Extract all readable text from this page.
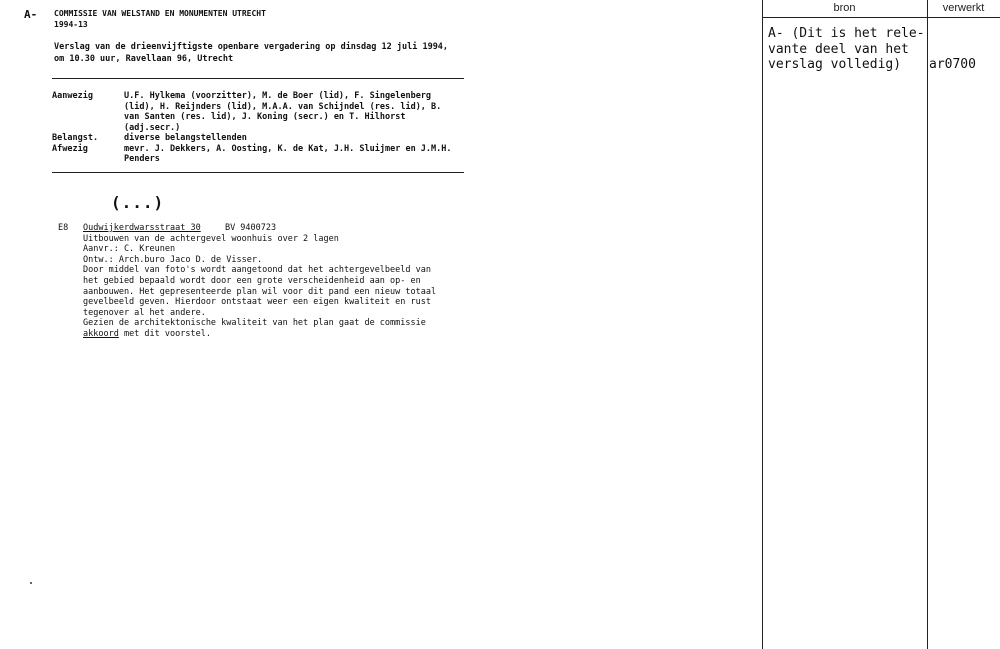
A- COMMISSIE VAN WELSTAND EN MONUMENTEN UTRECHT
1994-13
Verslag van de drieenvijftigste openbare vergadering op dinsdag 12 juli 1994,
om 10.30 uur, Ravellaan 96, Utrecht
Aanwezig	U.F. Hylkema (voorzitter), M. de Boer (lid), F. Singelenberg
(lid), H. Reijnders (lid), M.A.A. van Schijndel (res. lid), B.
van Santen (res. lid), J. Koning (secr.) en T. Hilhorst
(adj.secr.)
Belangst.	diverse belangstellenden
Afwezig	mevr. J. Dekkers, A. Oosting, K. de Kat, J.H. Sluijmer en J.M.H.
Penders
(...)
E8	Oudwijkerdwarsstraat 30	BV 9400723
Uitbouwen van de achtergevel woonhuis over 2 lagen
Aanvr.: C. Kreunen
Ontw.: Arch.buro Jaco D. de Visser.
Door middel van foto's wordt aangetoond dat het achtergevelbeeld van
het gebied bepaald wordt door een grote verscheidenheid aan op- en
aanbouwen. Het gepresenteerde plan wil voor dit pand een nieuw totaal
gevelbeeld geven. Hierdoor ontstaat weer een eigen kwaliteit en rust
tegenover al het andere.
Gezien de architektonische kwaliteit van het plan gaat de commissie
akkoord met dit voorstel.
bron	verwerkt
A- (Dit is het rele-
vante deel van het
verslag volledig)	ar0700
